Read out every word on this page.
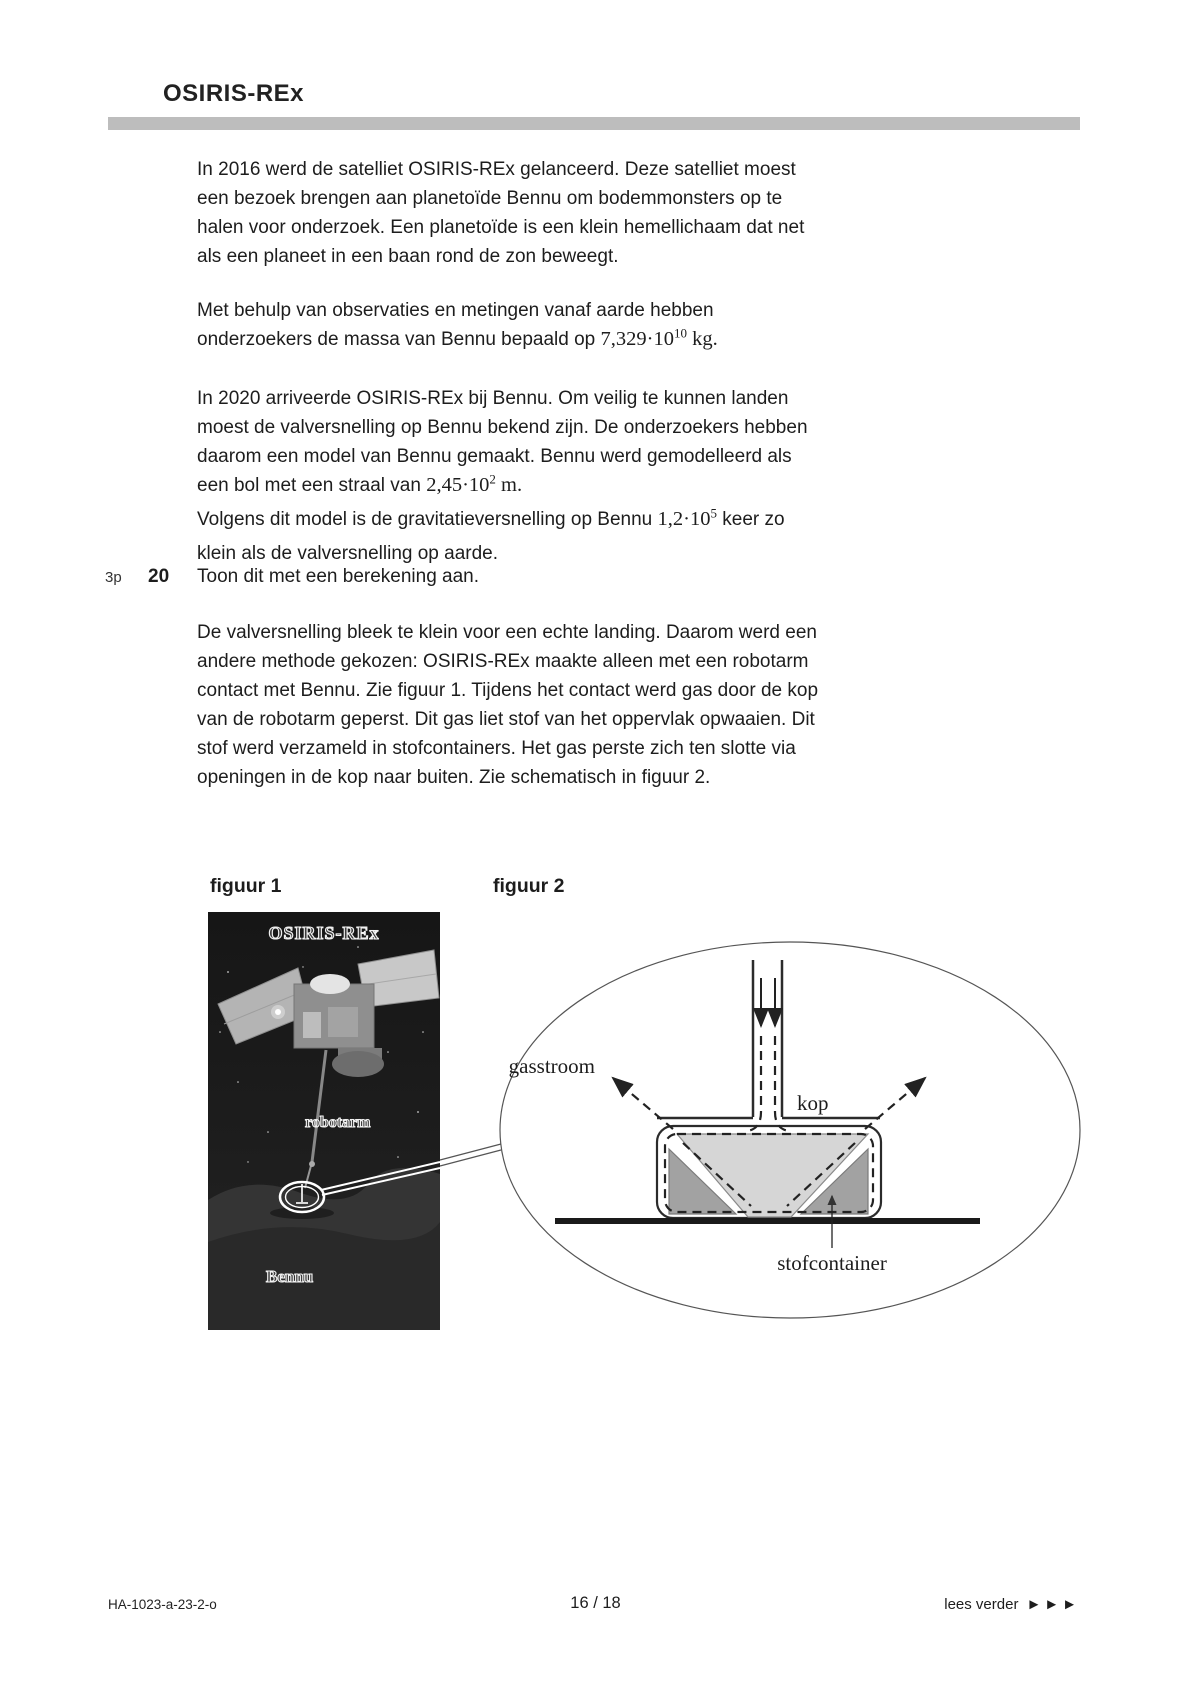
OSIRIS-REx
In 2016 werd de satelliet OSIRIS-REx gelanceerd. Deze satelliet moest
een bezoek brengen aan planetoïde Bennu om bodemmonsters op te
halen voor onderzoek. Een planetoïde is een klein hemellichaam dat net
als een planeet in een baan rond de zon beweegt.
Met behulp van observaties en metingen vanaf aarde hebben
onderzoekers de massa van Bennu bepaald op $7,329\cdot 10^{10}$ kg.
In 2020 arriveerde OSIRIS-REx bij Bennu. Om veilig te kunnen landen
moest de valversnelling op Bennu bekend zijn. De onderzoekers hebben
daarom een model van Bennu gemaakt. Bennu werd gemodelleerd als
een bol met een straal van $2,45\cdot 10^2$ m.
Volgens dit model is de gravitatieversnelling op Bennu $1,2\cdot 10^5$ keer zo
klein als de valversnelling op aarde.
3p 20 Toon dit met een berekening aan.
De valversnelling bleek te klein voor een echte landing. Daarom werd een
andere methode gekozen: OSIRIS-REx maakte alleen met een robotarm
contact met Bennu. Zie figuur 1. Tijdens het contact werd gas door de kop
van de robotarm geperst. Dit gas liet stof van het oppervlak opwaaien. Dit
stof werd verzameld in stofcontainers. Het gas perste zich ten slotte via
openingen in de kop naar buiten. Zie schematisch in figuur 2.
figuur 1	figuur 2
OSIRIS-REx
robotarm
Bennu
gasstroom
kop
stofcontainer
HA-1023-a-23-2-o	16 / 18	lees verder ►►►
